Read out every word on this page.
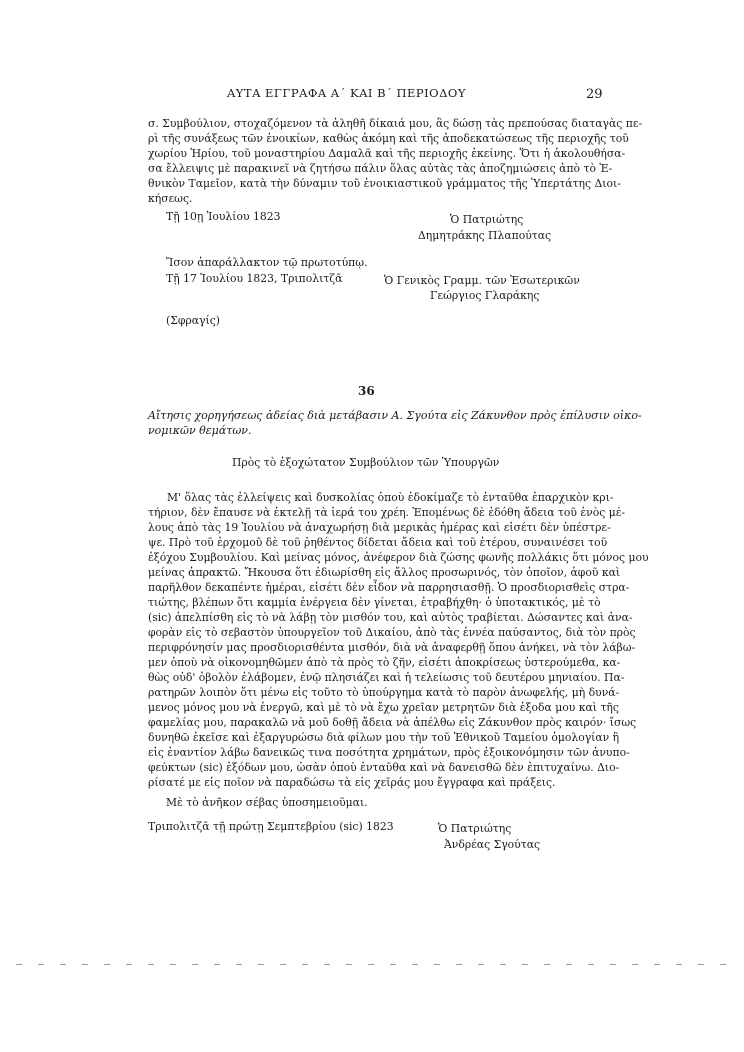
ΑΥΤΑ ΕΓΓΡΑΦΑ Α΄ ΚΑΙ Β΄ ΠΕΡΙΟΔΟΥ	29
σ. Συμβούλιον, στοχαζόμενον τὰ ἀληθῆ δίκαιά μου, ἂς δώσῃ τὰς πρεπούσας διαταγὰς πε-
ρὶ τῆς συνάξεως τῶν ἐνοικίων, καθὼς ἀκόμη καὶ τῆς ἀποδεκατώσεως τῆς περιοχῆς τοῦ
χωρίου Ἡρίου, τοῦ μοναστηρίου Δαμαλᾶ καὶ τῆς περιοχῆς ἐκείνης. Ὅτι ἡ ἀκολουθήσα-
σα ἔλλειψις μὲ παρακινεῖ νὰ ζητήσω πάλιν ὅλας αὐτὰς τὰς ἀποζημιώσεις ἀπὸ τὸ Ἐ-
θνικὸν Ταμεῖον, κατὰ τὴν δύναμιν τοῦ ἐνοικιαστικοῦ γράμματος τῆς Ὑπερτάτης Διοι-
κήσεως.
Τῇ 10ῃ Ἰουλίου 1823	Ὁ Πατριώτης
Δημητράκης Πλαπούτας
Ἴσον ἀπαράλλακτον τῷ πρωτοτύπῳ.
Τῇ 17 Ἰουλίου 1823, Τριπολιτζᾶ	Ὁ Γενικὸς Γραμμ. τῶν Ἐσωτερικῶν
Γεώργιος Γλαράκης
(Σφραγίς)
36
Αἴτησις χορηγήσεως ἀδείας διὰ μετάβασιν Α. Σγούτα εἰς Ζάκυνθον πρὸς ἐπίλυσιν οἰκο-
νομικῶν θεμάτων.
Πρὸς τὸ ἐξοχώτατον Συμβούλιον τῶν Ὑπουργῶν
Μ' ὅλας τὰς ἐλλείψεις καὶ δυσκολίας ὁποὺ ἐδοκίμαζε τὸ ἐνταῦθα ἐπαρχικὸν κρι-
τήριον, δὲν ἔπαυσε νὰ ἐκτελῇ τὰ ἱερά του χρέη. Ἐπομένως δὲ ἐδόθη ἄδεια τοῦ ἑνὸς μέ-
λους ἀπὸ τὰς 19 Ἰουλίου νὰ ἀναχωρήσῃ διὰ μερικὰς ἡμέρας καὶ εἰσέτι δὲν ὑπέστρε-
ψε. Πρὸ τοῦ ἐρχομοῦ δὲ τοῦ ῥηθέντος δίδεται ἄδεια καὶ τοῦ ἑτέρου, συναινέσει τοῦ
ἐξόχου Συμβουλίου. Καὶ μείνας μόνος, ἀνέφερον διὰ ζώσης φωνῆς πολλάκις ὅτι μόνος μου
μείνας ἀπρακτῶ. Ἤκουσα ὅτι ἐδιωρίσθη εἰς ἄλλος προσωρινός, τὸν ὁποῖον, ἀφοῦ καὶ
παρῆλθον δεκαπέντε ἡμέραι, εἰσέτι δὲν εἶδον νὰ παρρησιασθῇ. Ὁ προσδιορισθεὶς στρα-
τιώτης, βλέπων ὅτι καμμία ἐνέργεια δὲν γίνεται, ἐτραβήχθη· ὁ ὑποτακτικός, μὲ τὸ
(sic) ἀπελπίσθη εἰς τὸ νὰ λάβῃ τὸν μισθόν του, καὶ αὐτὸς τραβίεται. Δώσαντες καὶ ἀνα-
φορὰν εἰς τὸ σεβαστὸν ὑπουργεῖον τοῦ Δικαίου, ἀπὸ τὰς ἐννέα παύσαντος, διὰ τὸν πρὸς
περιφρόνησίν μας προσδιορισθέντα μισθόν, διὰ νὰ ἀναφερθῇ ὅπου ἀνήκει, νὰ τὸν λάβω-
μεν ὁποὺ νὰ οἰκονομηθῶμεν ἀπὸ τὰ πρὸς τὸ ζῆν, εἰσέτι ἀποκρίσεως ὑστερούμεθα, κα-
θὼς οὐδ' ὀβολὸν ἐλάβομεν, ἐνῷ πλησιάζει καὶ ἡ τελείωσις τοῦ δευτέρου μηνιαίου. Πα-
ρατηρῶν λοιπὸν ὅτι μένω εἰς τοῦτο τὸ ὑπούργημα κατὰ τὸ παρὸν ἀνωφελής, μὴ δυνά-
μενος μόνος μου νὰ ἐνεργῶ, καὶ μὲ τὸ νὰ ἔχω χρεῖαν μετρητῶν διὰ ἐξοδα μου καὶ τῆς
φαμελίας μου, παρακαλῶ νὰ μοῦ δοθῇ ἄδεια νὰ ἀπέλθω εἰς Ζάκυνθον πρὸς καιρόν· ἴσως
δυνηθῶ ἐκεῖσε καὶ ἐξαργυρώσω διὰ φίλων μου τὴν τοῦ Ἐθνικοῦ Ταμείου ὁμολογίαν ἢ
εἰς ἐναντίον λάβω δανεικῶς τινα ποσότητα χρημάτων, πρὸς ἐξοικονόμησιν τῶν ἀνυπο-
φεύκτων (sic) ἐξόδων μου, ὡσὰν ὁποὺ ἐνταῦθα καὶ νὰ δανεισθῶ δὲν ἐπιτυχαίνω. Διο-
ρίσατέ με εἰς ποῖον νὰ παραδώσω τὰ εἰς χεῖράς μου ἔγγραφα καὶ πράξεις.
Μὲ τὸ ἀνῆκον σέβας ὑποσημειοῦμαι.
Τριπολιτζᾶ τῇ πρώτῃ Σεμπτεβρίου (sic) 1823	Ὁ Πατριώτης
Ἀνδρέας Σγούτας
